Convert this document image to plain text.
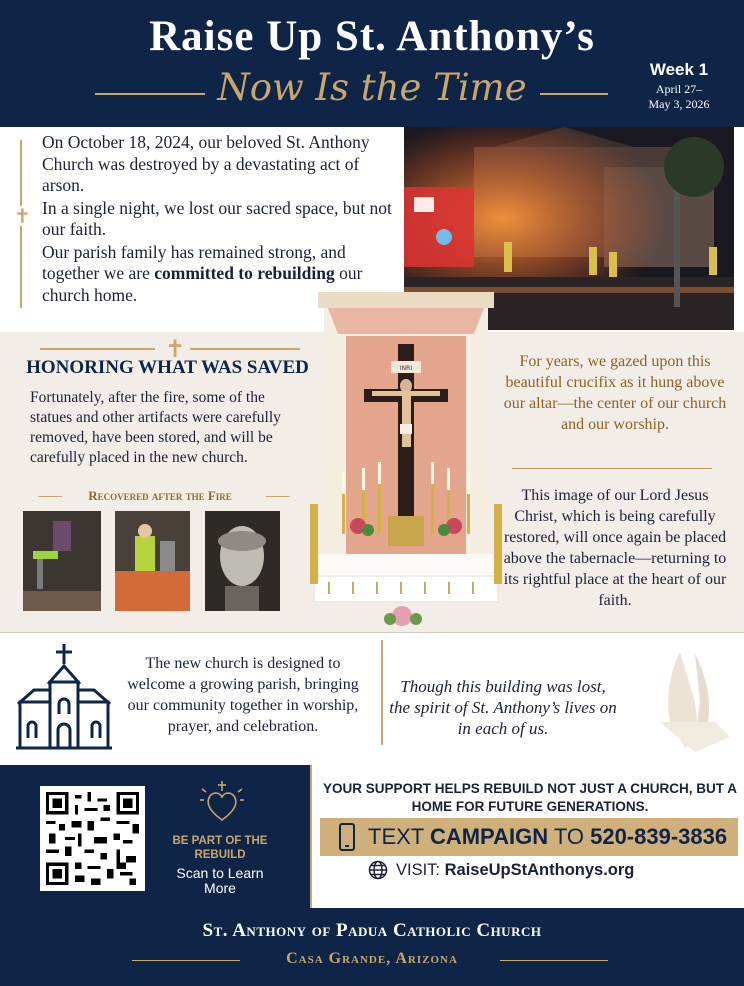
Raise Up St. Anthony’s
Now Is the Time	Week 1
April 27–
May 3, 2026
✝

On October 18, 2024, our beloved St. Anthony Church was destroyed by a devastating act of arson.

In a single night, we lost our sacred space, but not our faith.

Our parish family has remained strong, and together we are committed to rebuilding our church home.

✝
HONORING WHAT WAS SAVED
Fortunately, after the fire, some of the statues and other artifacts were carefully removed, have been stored, and will be carefully placed in the new church.
Recovered after the Fire
INRI	For years, we gazed upon this beautiful crucifix as it hung above our altar—the center of our church and our worship.
This image of our Lord Jesus Christ, which is being carefully restored, will once again be placed above the tabernacle—returning to its rightful place at the heart of our faith.
The new church is designed to welcome a growing parish, bringing our community together in worship, prayer, and celebration.
Though this building was lost, the spirit of St. Anthony’s lives on in each of us.
BE PART OF THE REBUILD
Scan to Learn More
YOUR SUPPORT HELPS REBUILD NOT JUST A CHURCH, BUT A HOME FOR FUTURE GENERATIONS.
TEXT CAMPAIGN TO 520-839-3836
VISIT: RaiseUpStAnthonys.org
St. Anthony of Padua Catholic Church
Casa Grande, Arizona
